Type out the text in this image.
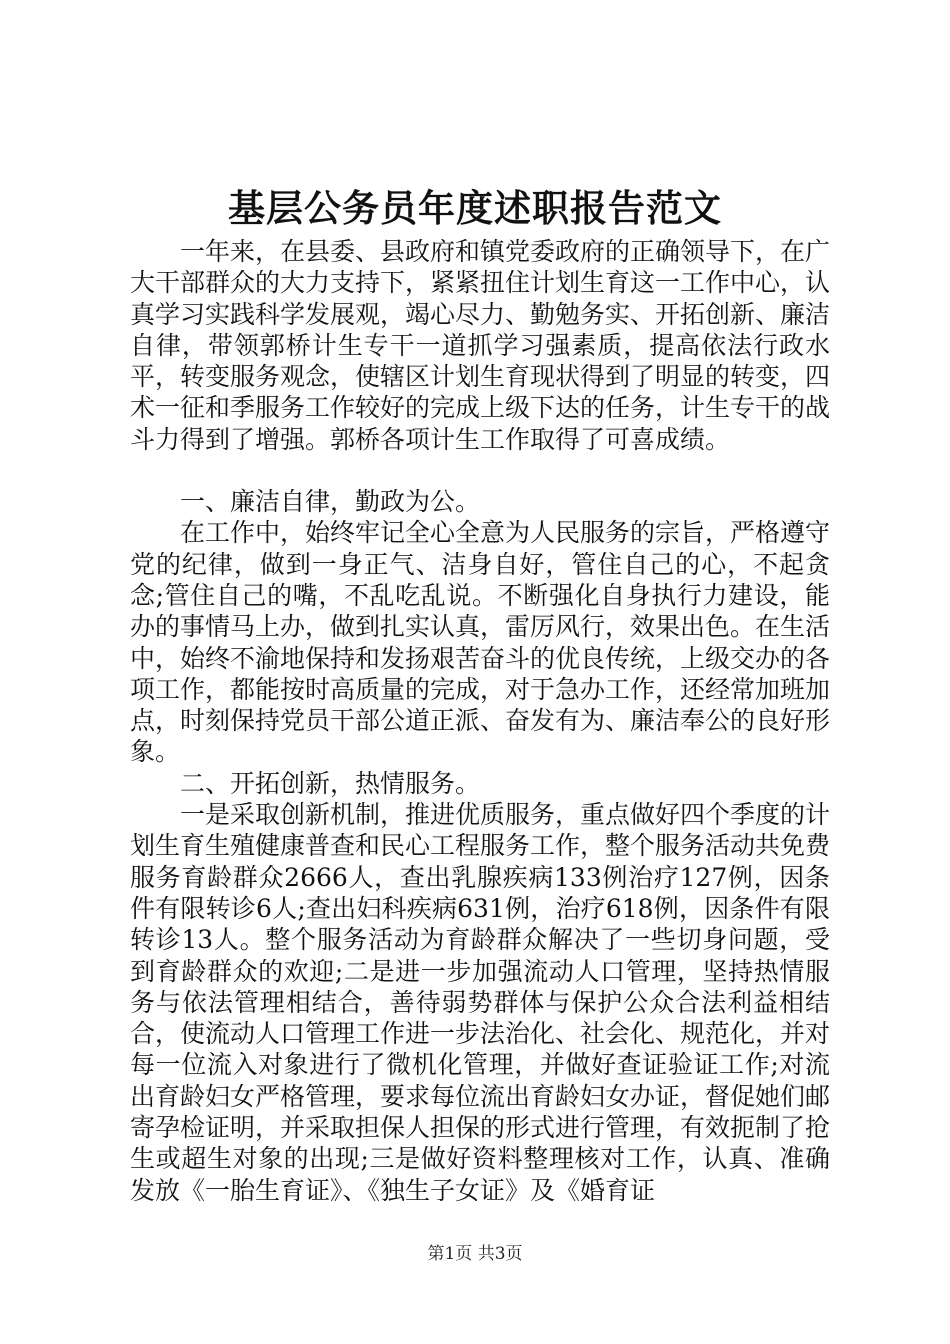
基层公务员年度述职报告范文

一年来，在县委、县政府和镇党委政府的正确领导下，在广大干部群众的大力支持下，紧紧扭住计划生育这一工作中心，认真学习实践科学发展观，竭心尽力、勤勉务实、开拓创新、廉洁自律，带领郭桥计生专干一道抓学习强素质，提高依法行政水平，转变服务观念，使辖区计划生育现状得到了明显的转变，四术一征和季服务工作较好的完成上级下达的任务，计生专干的战斗力得到了增强。郭桥各项计生工作取得了可喜成绩。

一、廉洁自律，勤政为公。

在工作中，始终牢记全心全意为人民服务的宗旨，严格遵守党的纪律，做到一身正气、洁身自好，管住自己的心，不起贪念;管住自己的嘴，不乱吃乱说。不断强化自身执行力建设，能办的事情马上办，做到扎实认真，雷厉风行，效果出色。在生活中，始终不渝地保持和发扬艰苦奋斗的优良传统，上级交办的各项工作，都能按时高质量的完成，对于急办工作，还经常加班加点，时刻保持党员干部公道正派、奋发有为、廉洁奉公的良好形象。

二、开拓创新，热情服务。

一是采取创新机制，推进优质服务，重点做好四个季度的计划生育生殖健康普查和民心工程服务工作，整个服务活动共免费服务育龄群众2666人，查出乳腺疾病133例治疗127例，因条件有限转诊6人;查出妇科疾病631例，治疗618例，因条件有限转诊13人。整个服务活动为育龄群众解决了一些切身问题，受到育龄群众的欢迎;二是进一步加强流动人口管理，坚持热情服务与依法管理相结合，善待弱势群体与保护公众合法利益相结合，使流动人口管理工作进一步法治化、社会化、规范化，并对每一位流入对象进行了微机化管理，并做好查证验证工作;对流出育龄妇女严格管理，要求每位流出育龄妇女办证，督促她们邮寄孕检证明，并采取担保人担保的形式进行管理，有效扼制了抢生或超生对象的出现;三是做好资料整理核对工作，认真、准确发放《一胎生育证》、《独生子女证》及《婚育证

第1页 共3页
